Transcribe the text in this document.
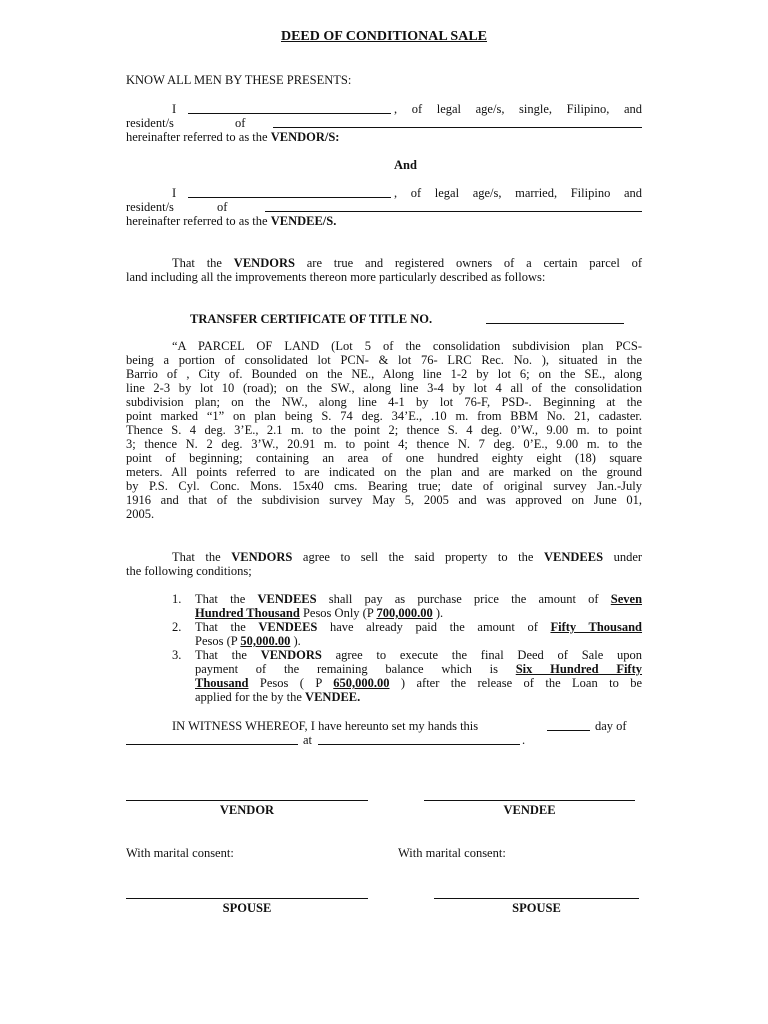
DEED OF CONDITIONAL SALE
KNOW ALL MEN BY THESE PRESENTS:
I	, of legal age/s, single, Filipino, and
resident/s	of
hereinafter referred to as the VENDOR/S:
And
I	, of legal age/s, married, Filipino and
resident/s	of
hereinafter referred to as the VENDEE/S.
That the VENDORS are true and registered owners of a certain parcel of
land including all the improvements thereon more particularly described as follows:
TRANSFER CERTIFICATE OF TITLE NO.
“A PARCEL OF LAND (Lot 5 of the consolidation subdivision plan PCS-
being a portion of consolidated lot PCN- & lot 76- LRC Rec. No. ), situated in the
Barrio of , City of. Bounded on the NE., Along line 1-2 by lot 6; on the SE., along
line 2-3 by lot 10 (road); on the SW., along line 3-4 by lot 4 all of the consolidation
subdivision plan; on the NW., along line 4-1 by lot 76-F, PSD-. Beginning at the
point marked “1” on plan being S. 74 deg. 34’E., .10 m. from BBM No. 21, cadaster.
Thence S. 4 deg. 3’E., 2.1 m. to the point 2; thence S. 4 deg. 0’W., 9.00 m. to point
3; thence N. 2 deg. 3’W., 20.91 m. to point 4; thence N. 7 deg. 0’E., 9.00 m. to the
point of beginning; containing an area of one hundred eighty eight (18) square
meters. All points referred to are indicated on the plan and are marked on the ground
by P.S. Cyl. Conc. Mons. 15x40 cms. Bearing true; date of original survey Jan.-July
1916 and that of the subdivision survey May 5, 2005 and was approved on June 01,
2005.
That the VENDORS agree to sell the said property to the VENDEES under
the following conditions;
1. That the VENDEES shall pay as purchase price the amount of Seven
Hundred Thousand Pesos Only (P 700,000.00 ).
2. That the VENDEES have already paid the amount of Fifty Thousand
Pesos (P 50,000.00 ).
3. That the VENDORS agree to execute the final Deed of Sale upon
payment of the remaining balance which is Six Hundred Fifty
Thousand Pesos ( P 650,000.00 ) after the release of the Loan to be
applied for the by the VENDEE.
IN WITNESS WHEREOF, I have hereunto set my hands this	day of
at	.
VENDOR	VENDEE
With marital consent:	With marital consent:
SPOUSE	SPOUSE
